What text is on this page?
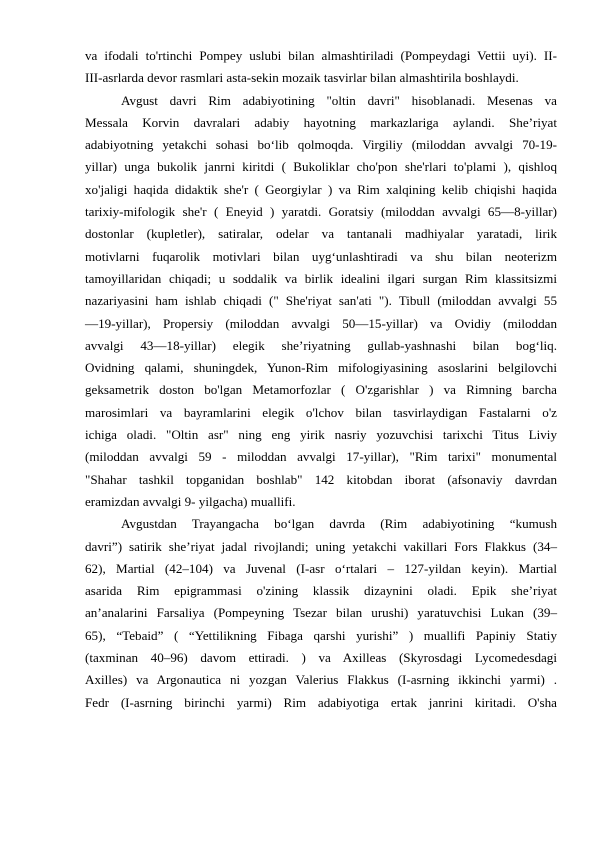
va ifodali to'rtinchi Pompey uslubi bilan almashtiriladi (Pompeydagi Vettii uyi). II-
III-asrlarda devor rasmlari asta-sekin mozaik tasvirlar bilan almashtirila boshlaydi.
Avgust davri Rim adabiyotining "oltin davri" hisoblanadi. Mesenas va
Messala Korvin davralari adabiy hayotning markazlariga aylandi. She’riyat
adabiyotning yetakchi sohasi bo‘lib qolmoqda. Virgiliy (miloddan avvalgi 70-19-
yillar) unga bukolik janrni kiritdi ( Bukoliklar cho'pon she'rlari to'plami ), qishloq
xo'jaligi haqida didaktik she'r ( Georgiylar ) va Rim xalqining kelib chiqishi haqida
tarixiy-mifologik she'r ( Eneyid ) yaratdi. Goratsiy (miloddan avvalgi 65—8-yillar)
dostonlar (kupletler), satiralar, odelar va tantanali madhiyalar yaratadi, lirik
motivlarni fuqarolik motivlari bilan uyg‘unlashtiradi va shu bilan neoterizm
tamoyillaridan chiqadi; u soddalik va birlik idealini ilgari surgan Rim klassitsizmi
nazariyasini ham ishlab chiqadi (" She'riyat san'ati "). Tibull (miloddan avvalgi 55
—19-yillar), Propersiy (miloddan avvalgi 50—15-yillar) va Ovidiy (miloddan
avvalgi 43—18-yillar) elegik she’riyatning gullab-yashnashi bilan bog‘liq.
Ovidning qalami, shuningdek, Yunon-Rim mifologiyasining asoslarini belgilovchi
geksametrik doston bo'lgan Metamorfozlar ( O'zgarishlar ) va Rimning barcha
marosimlari va bayramlarini elegik o'lchov bilan tasvirlaydigan Fastalarni o'z
ichiga oladi. "Oltin asr" ning eng yirik nasriy yozuvchisi tarixchi Titus Liviy
(miloddan avvalgi 59 - miloddan avvalgi 17-yillar), "Rim tarixi" monumental
"Shahar tashkil topganidan boshlab" 142 kitobdan iborat (afsonaviy davrdan
eramizdan avvalgi 9- yilgacha) muallifi.
Avgustdan Trayangacha bo‘lgan davrda (Rim adabiyotining “kumush
davri”) satirik she’riyat jadal rivojlandi; uning yetakchi vakillari Fors Flakkus (34–
62), Martial (42–104) va Juvenal (I-asr o‘rtalari – 127-yildan keyin). Martial
asarida Rim epigrammasi o'zining klassik dizaynini oladi. Epik she’riyat
an’analarini Farsaliya (Pompeyning Tsezar bilan urushi) yaratuvchisi Lukan (39–
65), “Tebaid” ( “Yettilikning Fibaga qarshi yurishi” ) muallifi Papiniy Statiy
(taxminan 40–96) davom ettiradi. ) va Axilleas (Skyrosdagi Lycomedesdagi
Axilles) va Argonautica ni yozgan Valerius Flakkus (I-asrning ikkinchi yarmi) .
Fedr (I-asrning birinchi yarmi) Rim adabiyotiga ertak janrini kiritadi. O'sha
